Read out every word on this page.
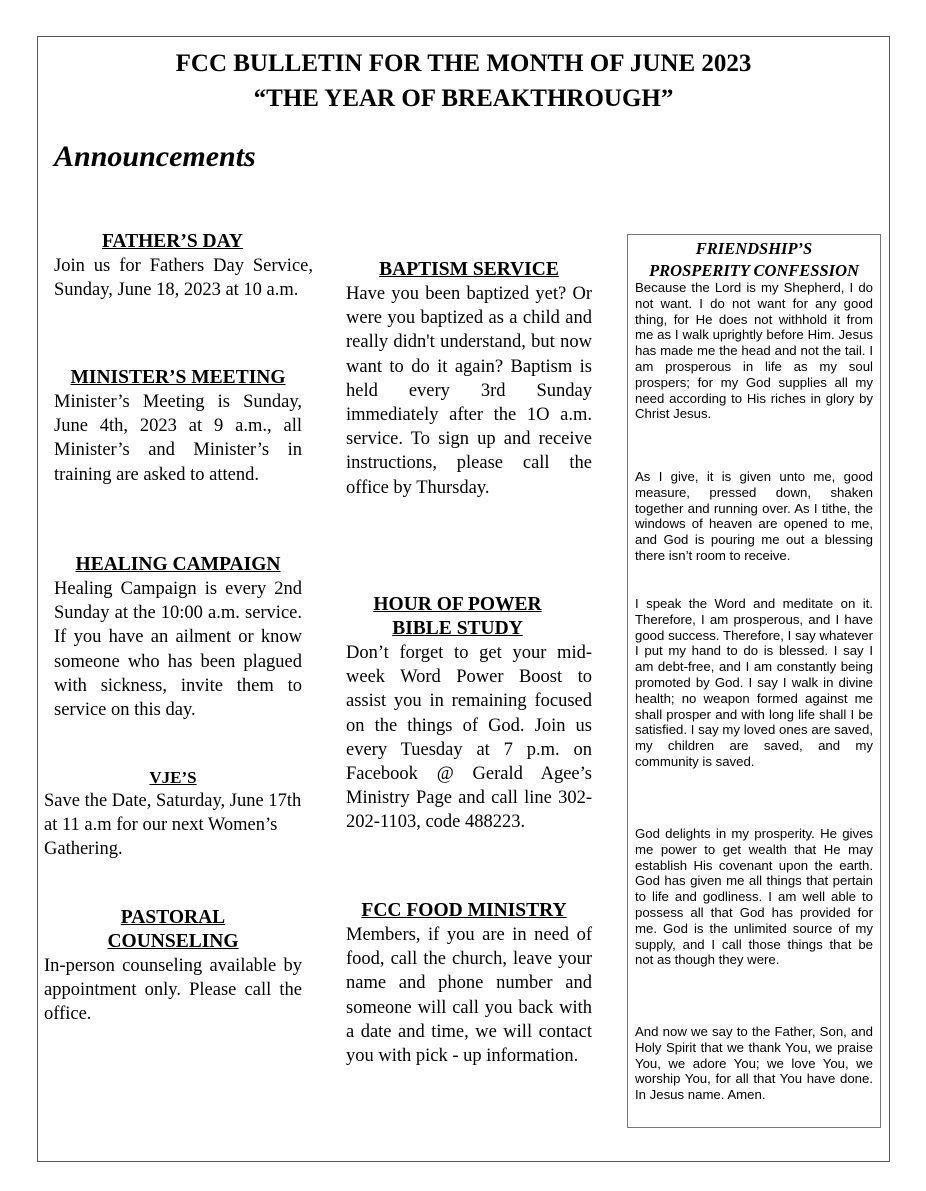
FCC BULLETIN FOR THE MONTH OF JUNE 2023
“THE YEAR OF BREAKTHROUGH”
Announcements
FATHER’S DAY

Join us for Fathers Day Service, Sunday, June 18, 2023 at 10 a.m.

MINISTER’S MEETING

Minister’s Meeting is Sunday, June 4th, 2023 at 9 a.m., all Minister’s and Minister’s in training are asked to attend.

HEALING CAMPAIGN

Healing Campaign is every 2nd Sunday at the 10:00 a.m. service. If you have an ailment or know someone who has been plagued with sickness, invite them to service on this day.

VJE’S

Save the Date, Saturday, June 17th at 11 a.m for our next Women’s Gathering.

PASTORAL
COUNSELING

In-person counseling available by appointment only. Please call the office.

BAPTISM SERVICE

Have you been baptized yet? Or were you baptized as a child and really didn't understand, but now want to do it again? Baptism is held every 3rd Sunday immediately after the 1O a.m. service. To sign up and receive instructions, please call the office by Thursday.

HOUR OF POWER
BIBLE STUDY

Don’t forget to get your mid-week Word Power Boost to assist you in remaining focused on the things of God. Join us every Tuesday at 7 p.m. on Facebook @ Gerald Agee’s Ministry Page and call line 302-202-1103, code 488223.

FCC FOOD MINISTRY

Members, if you are in need of food, call the church, leave your name and phone number and someone will call you back with a date and time, we will contact you with pick - up information.

FRIENDSHIP’S
PROSPERITY CONFESSION

Because the Lord is my Shepherd, I do not want. I do not want for any good thing, for He does not withhold it from me as I walk uprightly before Him. Jesus has made me the head and not the tail. I am prosperous in life as my soul prospers; for my God supplies all my need according to His riches in glory by Christ Jesus.

As I give, it is given unto me, good measure, pressed down, shaken together and running over. As I tithe, the windows of heaven are opened to me, and God is pouring me out a blessing there isn’t room to receive.

I speak the Word and meditate on it. Therefore, I am prosperous, and I have good success. Therefore, I say whatever I put my hand to do is blessed. I say I am debt-free, and I am constantly being promoted by God. I say I walk in divine health; no weapon formed against me shall prosper and with long life shall I be satisfied. I say my loved ones are saved, my children are saved, and my community is saved.

God delights in my prosperity. He gives me power to get wealth that He may establish His covenant upon the earth. God has given me all things that pertain to life and godliness. I am well able to possess all that God has provided for me. God is the unlimited source of my supply, and I call those things that be not as though they were.

And now we say to the Father, Son, and Holy Spirit that we thank You, we praise You, we adore You; we love You, we worship You, for all that You have done. In Jesus name. Amen.
